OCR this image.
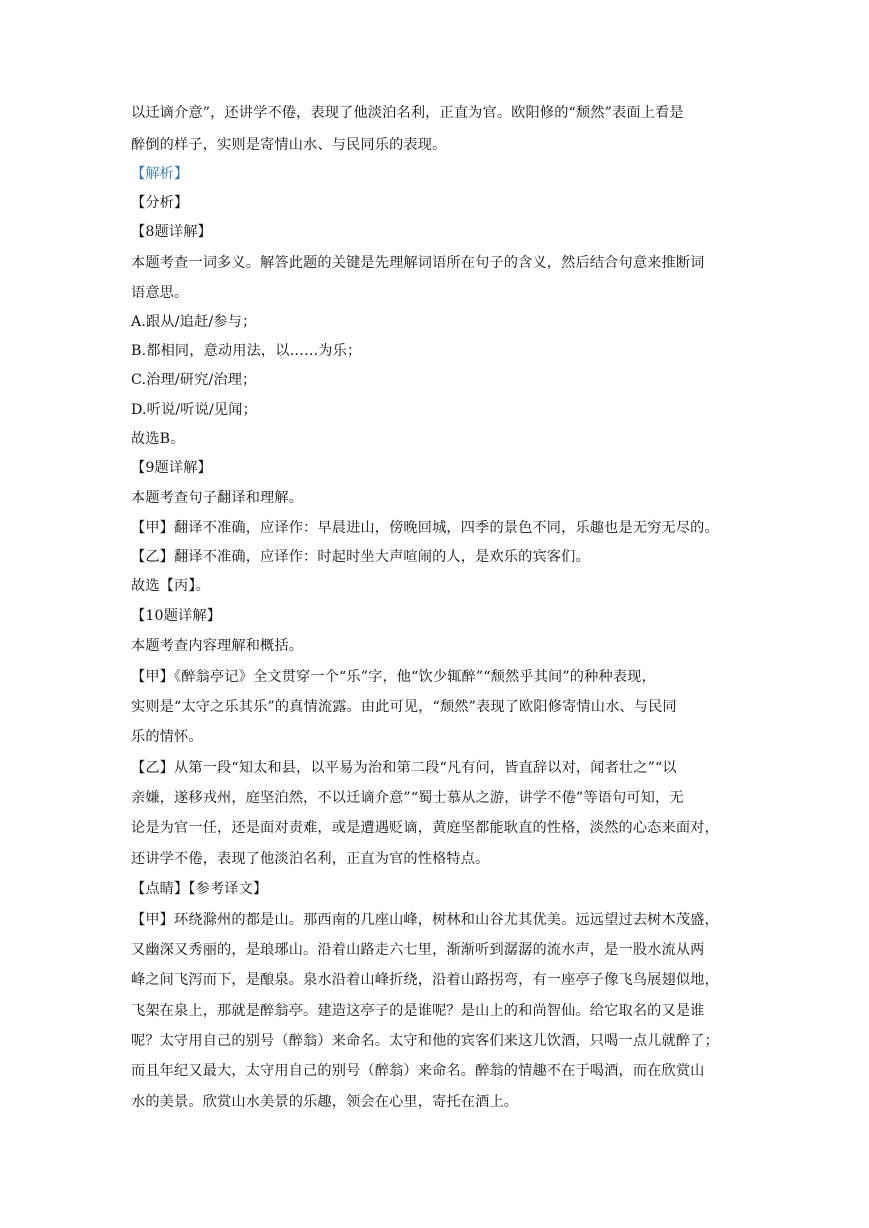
以迁谪介意”，还讲学不倦，表现了他淡泊名利，正直为官。欧阳修的“颓然”表面上看是
醉倒的样子，实则是寄情山水、与民同乐的表现。
【解析】
【分析】
【8题详解】
本题考查一词多义。解答此题的关键是先理解词语所在句子的含义，然后结合句意来推断词
语意思。
A.跟从/追赶/参与；
B.都相同，意动用法，以……为乐；
C.治理/研究/治理；
D.听说/听说/见闻；
故选B。
【9题详解】
本题考查句子翻译和理解。
【甲】翻译不准确，应译作：早晨进山，傍晚回城，四季的景色不同，乐趣也是无穷无尽的。
【乙】翻译不准确，应译作：时起时坐大声喧闹的人，是欢乐的宾客们。
故选【丙】。
【10题详解】
本题考查内容理解和概括。
【甲】《醉翁亭记》全文贯穿一个“乐”字，他“饮少辄醉”“颓然乎其间”的种种表现，
实则是“太守之乐其乐”的真情流露。由此可见，“颓然”表现了欧阳修寄情山水、与民同
乐的情怀。
【乙】从第一段“知太和县，以平易为治和第二段“凡有问，皆直辞以对，闻者壮之”“以
亲嫌，遂移戎州，庭坚泊然，不以迁谪介意”“蜀士慕从之游，讲学不倦”等语句可知，无
论是为官一任，还是面对责难，或是遭遇贬谪，黄庭坚都能耿直的性格，淡然的心态来面对，
还讲学不倦，表现了他淡泊名利，正直为官的性格特点。
【点睛】【参考译文】
【甲】环绕滁州的都是山。那西南的几座山峰，树林和山谷尤其优美。远远望过去树木茂盛，
又幽深又秀丽的，是琅琊山。沿着山路走六七里，渐渐听到潺潺的流水声，是一股水流从两
峰之间飞泻而下，是酿泉。泉水沿着山峰折绕，沿着山路拐弯，有一座亭子像飞鸟展翅似地，
飞架在泉上，那就是醉翁亭。建造这亭子的是谁呢？是山上的和尚智仙。给它取名的又是谁
呢？太守用自己的别号（醉翁）来命名。太守和他的宾客们来这儿饮酒，只喝一点儿就醉了；
而且年纪又最大，太守用自己的别号（醉翁）来命名。醉翁的情趣不在于喝酒，而在欣赏山
水的美景。欣赏山水美景的乐趣，领会在心里，寄托在酒上。
